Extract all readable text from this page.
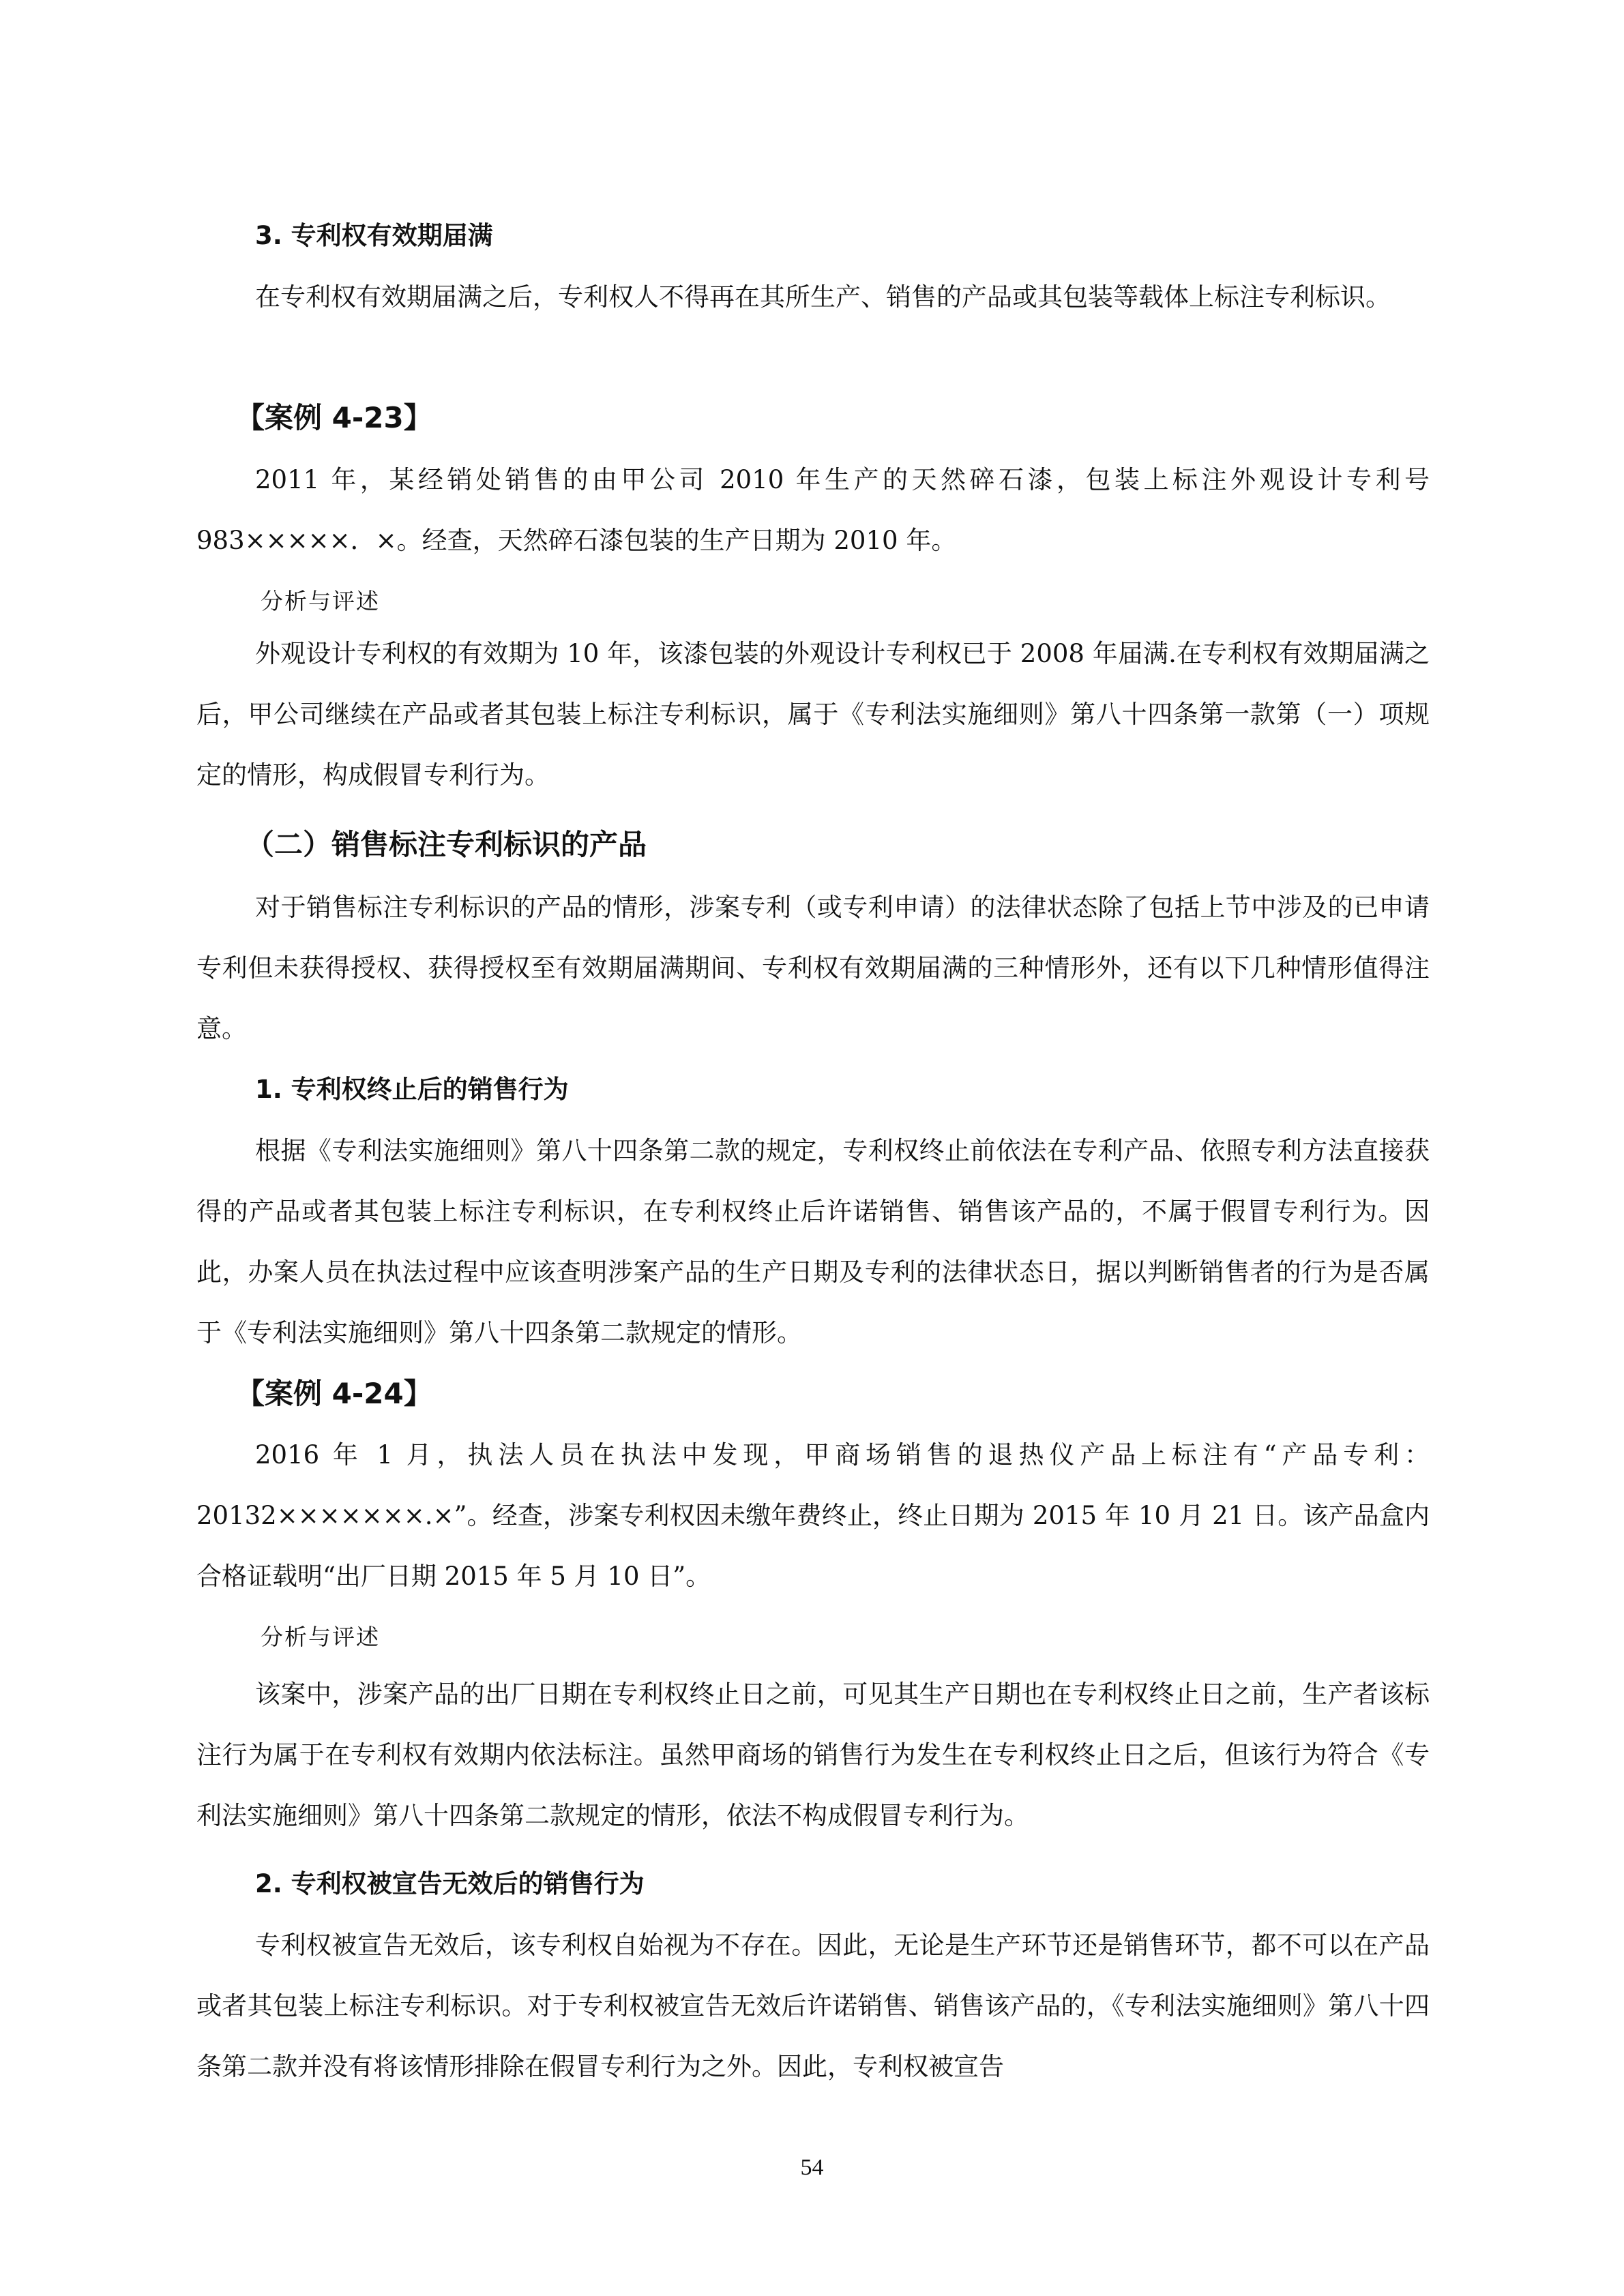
3. 专利权有效期届满

在专利权有效期届满之后，专利权人不得再在其所生产、销售的产品或其包装等载体上标注专利标识。

【案例 4-23】

2011 年，某经销处销售的由甲公司 2010 年生产的天然碎石漆，包装上标注外观设计专利号 983×××××．×。经查，天然碎石漆包装的生产日期为 2010 年。

分析与评述

外观设计专利权的有效期为 10 年，该漆包装的外观设计专利权已于 2008 年届满.在专利权有效期届满之后，甲公司继续在产品或者其包装上标注专利标识，属于《专利法实施细则》第八十四条第一款第（一）项规定的情形，构成假冒专利行为。

（二）销售标注专利标识的产品

对于销售标注专利标识的产品的情形，涉案专利（或专利申请）的法律状态除了包括上节中涉及的已申请专利但未获得授权、获得授权至有效期届满期间、专利权有效期届满的三种情形外，还有以下几种情形值得注意。

1. 专利权终止后的销售行为

根据《专利法实施细则》第八十四条第二款的规定，专利权终止前依法在专利产品、依照专利方法直接获得的产品或者其包装上标注专利标识，在专利权终止后许诺销售、销售该产品的，不属于假冒专利行为。因此，办案人员在执法过程中应该查明涉案产品的生产日期及专利的法律状态日，据以判断销售者的行为是否属于《专利法实施细则》第八十四条第二款规定的情形。

【案例 4-24】

2016 年 1 月，执法人员在执法中发现，甲商场销售的退热仪产品上标注有“产品专利：20132×××××××.×”。经查，涉案专利权因未缴年费终止，终止日期为 2015 年 10 月 21 日。该产品盒内合格证载明“出厂日期 2015 年 5 月 10 日”。

分析与评述

该案中，涉案产品的出厂日期在专利权终止日之前，可见其生产日期也在专利权终止日之前，生产者该标注行为属于在专利权有效期内依法标注。虽然甲商场的销售行为发生在专利权终止日之后，但该行为符合《专利法实施细则》第八十四条第二款规定的情形，依法不构成假冒专利行为。

2. 专利权被宣告无效后的销售行为

专利权被宣告无效后，该专利权自始视为不存在。因此，无论是生产环节还是销售环节，都不可以在产品或者其包装上标注专利标识。对于专利权被宣告无效后许诺销售、销售该产品的，《专利法实施细则》第八十四条第二款并没有将该情形排除在假冒专利行为之外。因此，专利权被宣告

54
